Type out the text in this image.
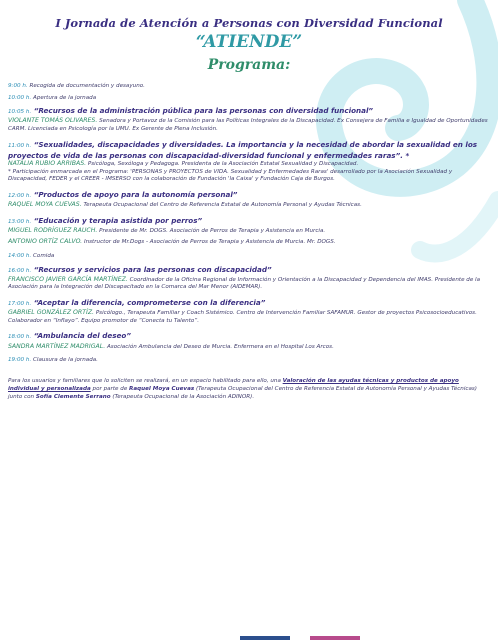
I Jornada de Atención a Personas con Diversidad Funcional
“ATIENDE”
Programa:
9:00 h. Recogida de documentación y desayuno.
10:00 h. Apertura de la jornada
10:05 h. “Recursos de la administración pública para las personas con diversidad funcional”
VIOLANTE TOMÁS OLIVARES. Senadora y Portavoz de la Comisión para las Políticas Integrales de la Discapacidad. Ex Consejera de Familia e Igualdad de Oportunidades CARM. Licenciada en Psicología por la UMU. Ex Gerente de Plena Inclusión.
11:00 h. “Sexualidades, discapacidades y diversidades. La importancia y la necesidad de abordar la sexualidad en los proyectos de vida de las personas con discapacidad-diversidad funcional y enfermedades raras”. *
NATALIA RUBIO ARRIBAS. Psicóloga, Sexóloga y Pedagoga. Presidenta de la Asociación Estatal Sexualidad y Discapacidad.
* Participación enmarcada en el Programa: 'PERSONAS y PROYECTOS de VIDA. Sexualidad y Enfermedades Raras' desarrollado por la Asociación Sexualidad y Discapacidad, FEDER y el CREER - IMSERSO con la colaboración de Fundación 'la Caixa' y Fundación Caja de Burgos.
12:00 h. “Productos de apoyo para la autonomía personal”
RAQUEL MOYA CUEVAS. Terapeuta Ocupacional del Centro de Referencia Estatal de Autonomía Personal y Ayudas Técnicas.
13:00 h. “Educación y terapia asistida por perros”
MIGUEL RODRÍGUEZ RAUCH. Presidente de Mr. DOGS. Asociación de Perros de Terapia y Asistencia en Murcia.
ANTONIO ORTÍZ CALVO. Instructor de Mr.Dogs - Asociación de Perros de Terapia y Asistencia de Murcia. Mr. DOGS.
14:00 h. Comida
16:00 h. “Recursos y servicios para las personas con discapacidad”
FRANCISCO JAVIER GARCÍA MARTÍNEZ. Coordinador de la Oficina Regional de Información y Orientación a la Discapacidad y Dependencia del IMAS. Presidente de la Asociación para la Integración del Discapacitado en la Comarca del Mar Menor (AIDEMAR).
17:00 h. “Aceptar la diferencia, comprometerse con la diferencia”
GABRIEL GONZÁLEZ ORTÍZ. Psicólogo., Terapeuta Familiar y Coach Sistémico. Centro de Intervención Familiar SAFAMUR. Gestor de proyectos Psicosocioeducativos. Colaborador en “Inflayo”. Equipo promotor de “Conecta tu Talento”.
18:00 h. “Ambulancia del deseo”
SANDRA MARTÍNEZ MADRIGAL. Asociación Ambulancia del Deseo de Murcia. Enfermera en el Hospital Los Arcos.
19:00 h. Clausura de la jornada.
Para los usuarios y familiares que lo soliciten se realizará, en un espacio habilitado para ello, una Valoración de las ayudas técnicas y productos de apoyo individual y personalizada por parte de Raquel Moya Cuevas (Terapeuta Ocupacional del Centro de Referencia Estatal de Autonomía Personal y Ayudas Técnicas) junto con Sofía Clemente Serrano (Terapeuta Ocupacional de la Asociación ADINOR).
